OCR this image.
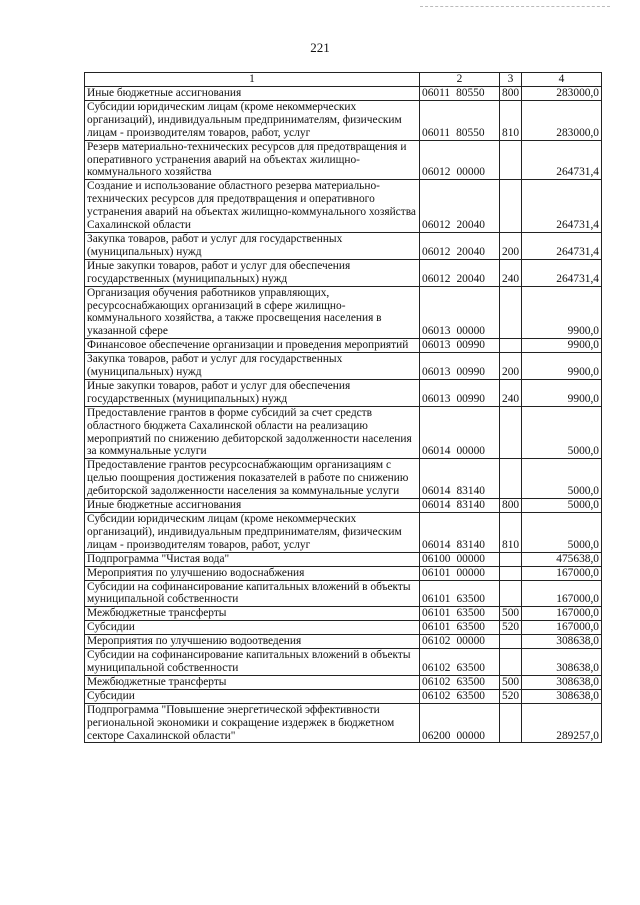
221
1	2	3	4
Иные бюджетные ассигнования	06011 80550	800	283000,0
Субсидии юридическим лицам (кроме некоммерческих организаций), индивидуальным предпринимателям, физическим лицам - производителям товаров, работ, услуг	06011 80550	810	283000,0
Резерв материально-технических ресурсов для предотвращения и оперативного устранения аварий на объектах жилищно-коммунального хозяйства	06012 00000		264731,4
Создание и использование областного резерва материально-технических ресурсов для предотвращения и оперативного устранения аварий на объектах жилищно-коммунального хозяйства Сахалинской области	06012 20040		264731,4
Закупка товаров, работ и услуг для государственных (муниципальных) нужд	06012 20040	200	264731,4
Иные закупки товаров, работ и услуг для обеспечения государственных (муниципальных) нужд	06012 20040	240	264731,4
Организация обучения работников управляющих, ресурсоснабжающих организаций в сфере жилищно-коммунального хозяйства, а также просвещения населения в указанной сфере	06013 00000		9900,0
Финансовое обеспечение организации и проведения мероприятий	06013 00990		9900,0
Закупка товаров, работ и услуг для государственных (муниципальных) нужд	06013 00990	200	9900,0
Иные закупки товаров, работ и услуг для обеспечения государственных (муниципальных) нужд	06013 00990	240	9900,0
Предоставление грантов в форме субсидий за счет средств областного бюджета Сахалинской области на реализацию мероприятий по снижению дебиторской задолженности населения за коммунальные услуги	06014 00000		5000,0
Предоставление грантов ресурсоснабжающим организациям с целью поощрения достижения показателей в работе по снижению дебиторской задолженности населения за коммунальные услуги	06014 83140		5000,0
Иные бюджетные ассигнования	06014 83140	800	5000,0
Субсидии юридическим лицам (кроме некоммерческих организаций), индивидуальным предпринимателям, физическим лицам - производителям товаров, работ, услуг	06014 83140	810	5000,0
Подпрограмма "Чистая вода"	06100 00000		475638,0
Мероприятия по улучшению водоснабжения	06101 00000		167000,0
Субсидии на софинансирование капитальных вложений в объекты муниципальной собственности	06101 63500		167000,0
Межбюджетные трансферты	06101 63500	500	167000,0
Субсидии	06101 63500	520	167000,0
Мероприятия по улучшению водоотведения	06102 00000		308638,0
Субсидии на софинансирование капитальных вложений в объекты муниципальной собственности	06102 63500		308638,0
Межбюджетные трансферты	06102 63500	500	308638,0
Субсидии	06102 63500	520	308638,0
Подпрограмма "Повышение энергетической эффективности региональной экономики и сокращение издержек в бюджетном секторе Сахалинской области"	06200 00000		289257,0
